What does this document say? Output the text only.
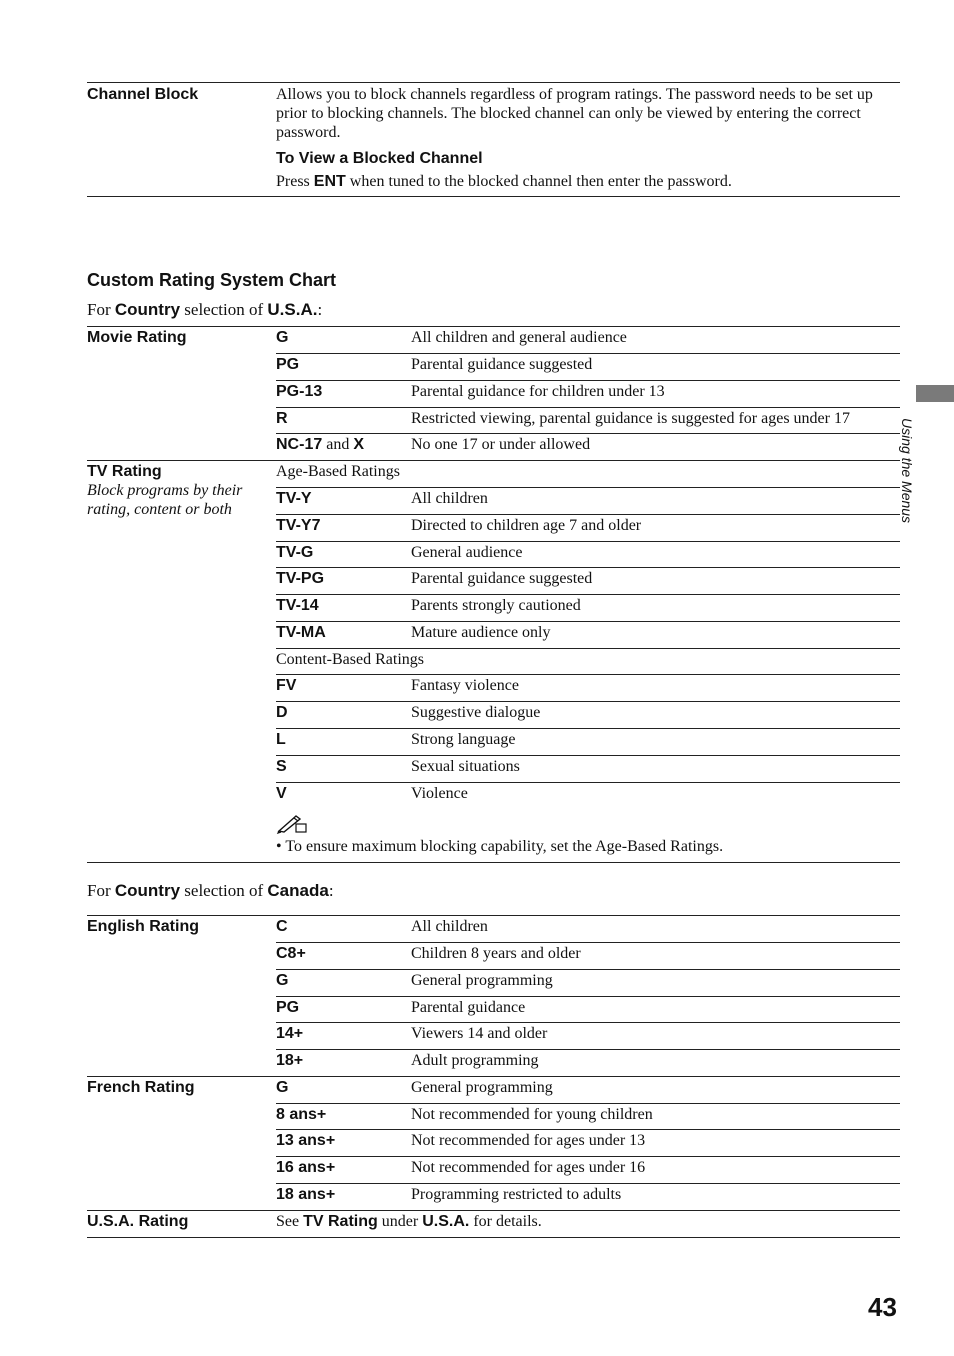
Channel Block	Allows you to block channels regardless of program ratings. The password needs to be set up prior to blocking channels. The blocked channel can only be viewed by entering the correct password.
To View a Blocked Channel
Press ENT when tuned to the blocked channel then enter the password.
Custom Rating System Chart
For Country selection of U.S.A.:
Movie Rating	G	All children and general audience
PG	Parental guidance suggested
PG-13	Parental guidance for children under 13
R	Restricted viewing, parental guidance is suggested for ages under 17
NC-17 and X	No one 17 or under allowed
TV Rating
Block programs by their
rating, content or both
Age-Based Ratings
TV-Y	All children
TV-Y7	Directed to children age 7 and older
TV-G	General audience
TV-PG	Parental guidance suggested
TV-14	Parents strongly cautioned
TV-MA	Mature audience only
Content-Based Ratings
FV	Fantasy violence
D	Suggestive dialogue
L	Strong language
S	Sexual situations
V	Violence
• To ensure maximum blocking capability, set the Age-Based Ratings.
For Country selection of Canada:
English Rating	C	All children
C8+	Children 8 years and older
G	General programming
PG	Parental guidance
14+	Viewers 14 and older
18+	Adult programming
French Rating	G	General programming
8 ans+	Not recommended for young children
13 ans+	Not recommended for ages under 13
16 ans+	Not recommended for ages under 16
18 ans+	Programming restricted to adults
U.S.A. Rating	See TV Rating under U.S.A. for details.
Using the Menus
43
